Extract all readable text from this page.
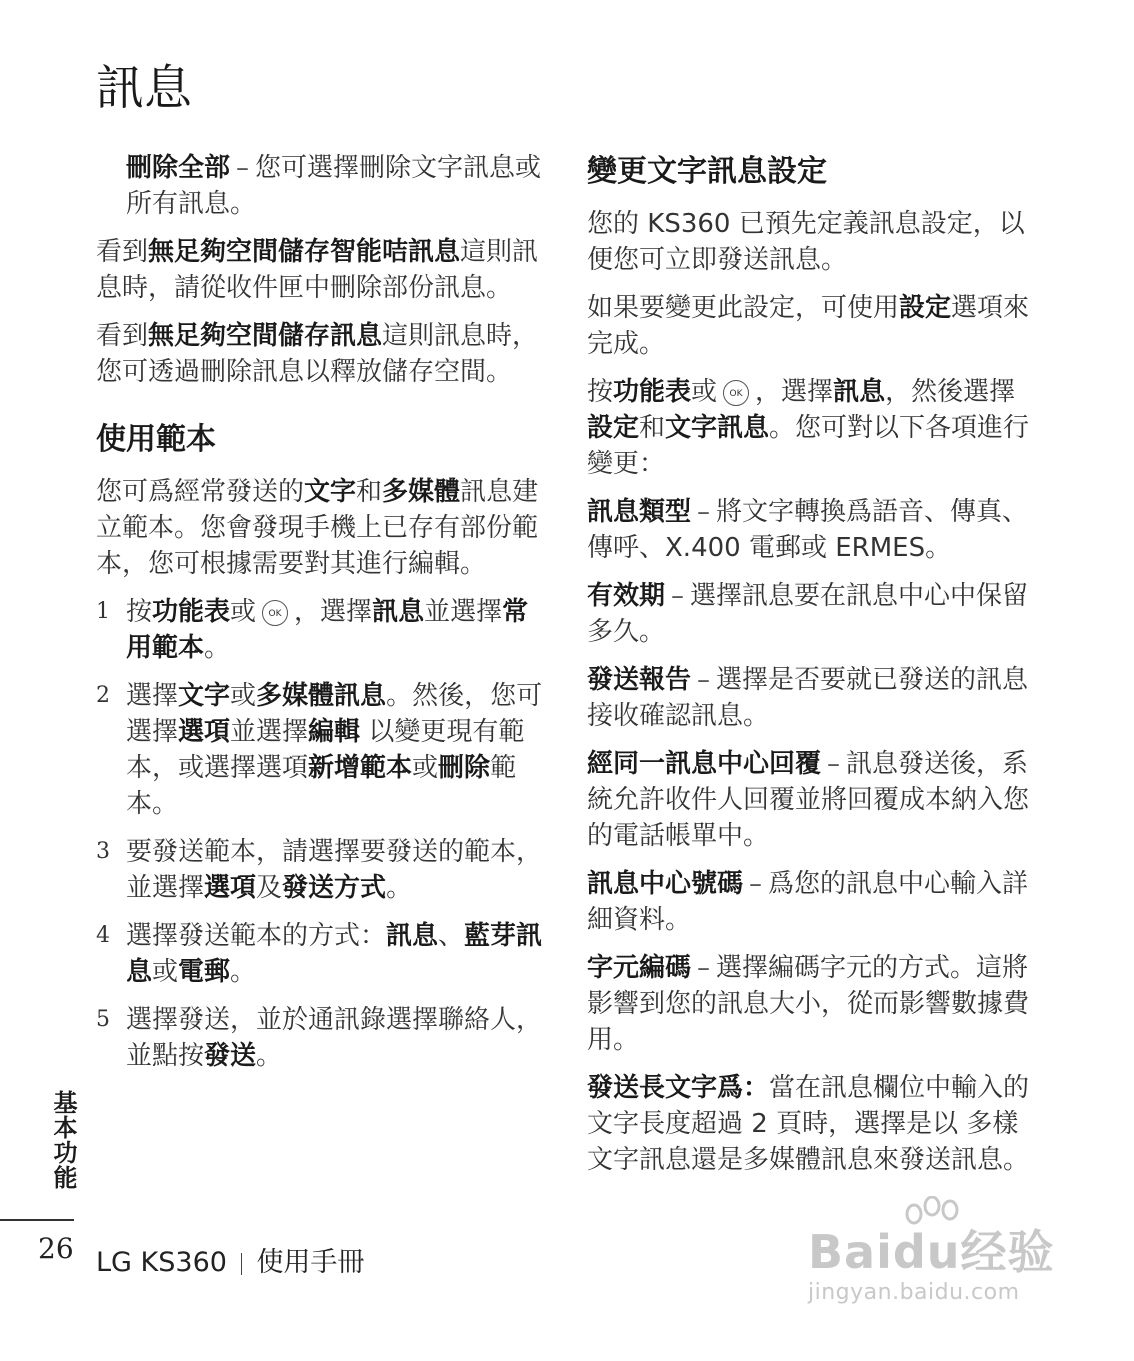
訊息

刪除全部 – 您可選擇刪除文字訊息或所有訊息。

看到無足夠空間儲存智能咭訊息這則訊息時，請從收件匣中刪除部份訊息。

看到無足夠空間儲存訊息這則訊息時，您可透過刪除訊息以釋放儲存空間。

使用範本

您可爲經常發送的文字和多媒體訊息建立範本。您會發現手機上已存有部份範本，您可根據需要對其進行編輯。

1 按功能表或 OK ，選擇訊息並選擇常用範本。
2 選擇文字或多媒體訊息。然後，您可選擇選項並選擇編輯 以變更現有範本，或選擇選項新增範本或刪除範本。
3 要發送範本，請選擇要發送的範本，並選擇選項及發送方式。
4 選擇發送範本的方式：訊息、藍芽訊息或電郵。
5 選擇發送，並於通訊錄選擇聯絡人，並點按發送。
變更文字訊息設定

您的 KS360 已預先定義訊息設定，以便您可立即發送訊息。

如果要變更此設定，可使用設定選項來完成。

按功能表或 OK ，選擇訊息，然後選擇設定和文字訊息。您可對以下各項進行變更：

訊息類型 – 將文字轉換爲語音、傳真、傳呼、X.400 電郵或 ERMES。

有效期 – 選擇訊息要在訊息中心中保留多久。

發送報告 – 選擇是否要就已發送的訊息接收確認訊息。

經同一訊息中心回覆 – 訊息發送後，系統允許收件人回覆並將回覆成本納入您的電話帳單中。

訊息中心號碼 – 爲您的訊息中心輸入詳細資料。

字元編碼 – 選擇編碼字元的方式。這將影響到您的訊息大小，從而影響數據費用。

發送長文字爲：當在訊息欄位中輸入的文字長度超過 2 頁時，選擇是以 多樣文字訊息還是多媒體訊息來發送訊息。

基本功能
26 LG KS360 使用手冊	Baidu经验
jingyan.baidu.com
